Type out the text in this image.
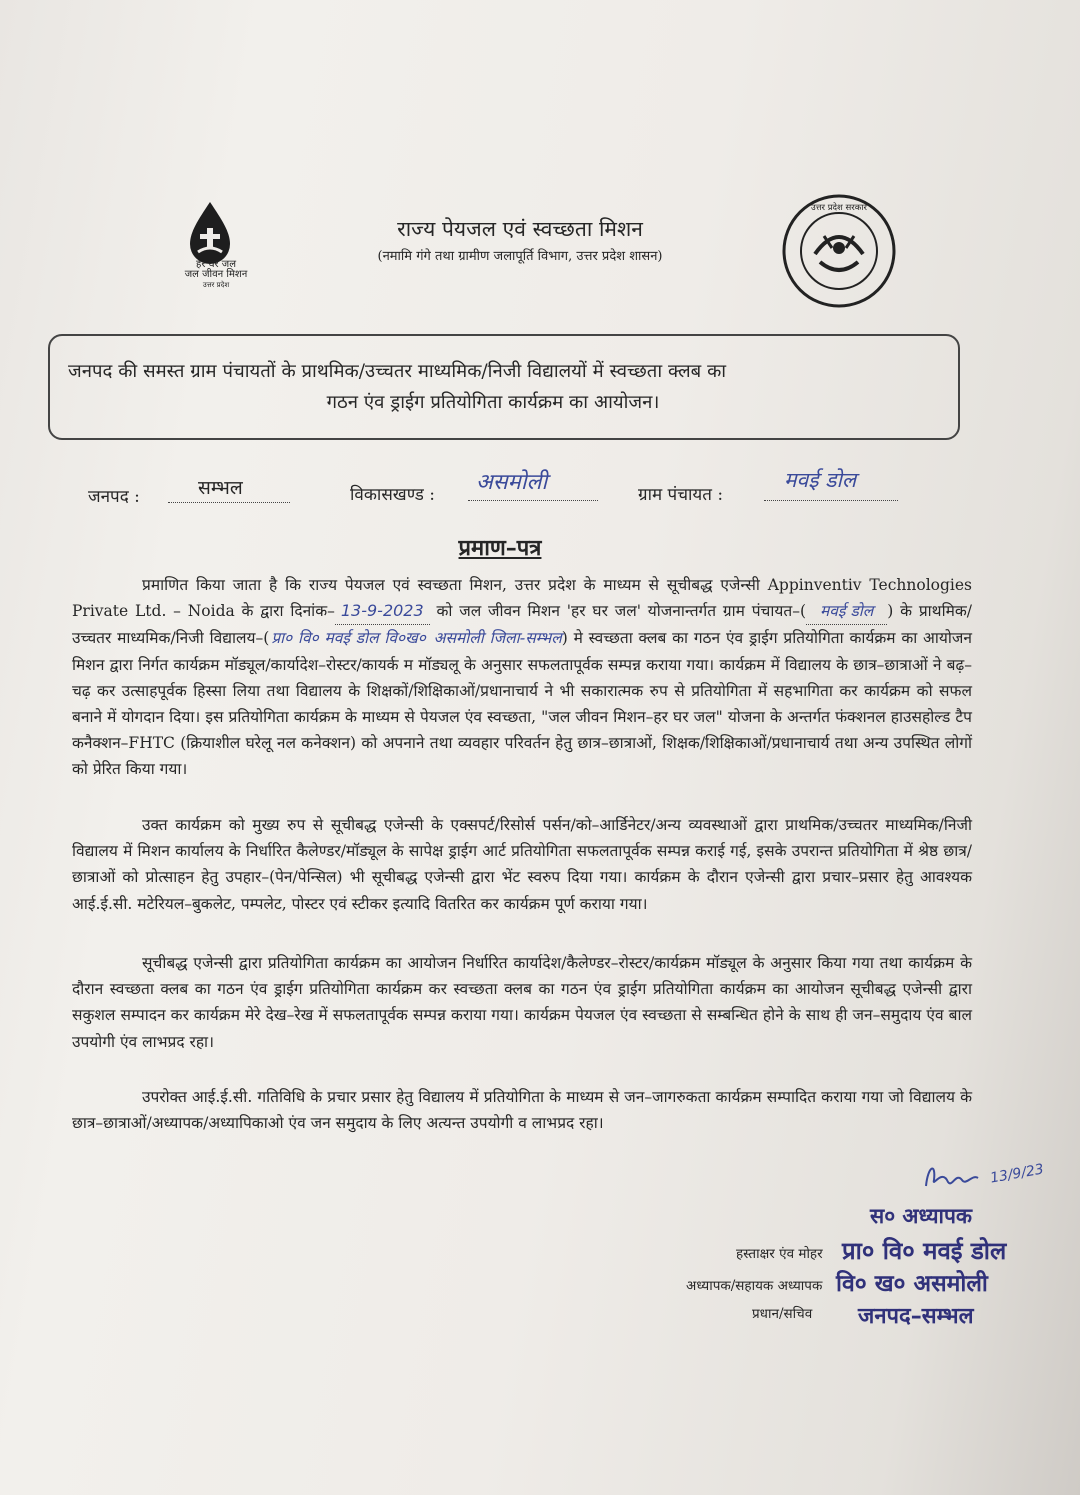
हर घर जल
जल जीवन मिशन
उत्तर प्रदेश
राज्य पेयजल एवं स्वच्छता मिशन
(नमामि गंगे तथा ग्रामीण जलापूर्ति विभाग, उत्तर प्रदेश शासन)
उत्तर प्रदेश सरकार
जनपद की समस्त ग्राम पंचायतों के प्राथमिक/उच्चतर माध्यमिक/निजी विद्यालयों में स्वच्छता क्लब का
गठन एंव ड्राईग प्रतियोगिता कार्यक्रम का आयोजन।
जनपद :	सम्भल	विकासखण्ड : असमोली	ग्राम पंचायत :
मवई डोल
प्रमाण–पत्र
प्रमाणित किया जाता है कि राज्य पेयजल एवं स्वच्छता मिशन, उत्तर प्रदेश के माध्यम से सूचीबद्ध एजेन्सी Appinventiv Technologies Private Ltd. – Noida के द्वारा दिनांक– 13-9-2023 को जल जीवन मिशन 'हर घर जल' योजनान्तर्गत ग्राम पंचायत–( मवई डोल ) के प्राथमिक/उच्चतर माध्यमिक/निजी विद्यालय–( प्रा० वि० मवई डोल वि०ख० असमोली जिला-सम्भल) मे स्वच्छता क्लब का गठन एंव ड्राईग प्रतियोगिता कार्यक्रम का आयोजन मिशन द्वारा निर्गत कार्यक्रम मॉड्यूल/कार्यादेश–रोस्टर/कायर्क म मॉड्यलू के अनुसार सफलतापूर्वक सम्पन्न कराया गया। कार्यक्रम में विद्यालय के छात्र–छात्राओं ने बढ़–चढ़ कर उत्साहपूर्वक हिस्सा लिया तथा विद्यालय के शिक्षकों/शिक्षिकाओं/प्रधानाचार्य ने भी सकारात्मक रुप से प्रतियोगिता में सहभागिता कर कार्यक्रम को सफल बनाने में योगदान दिया। इस प्रतियोगिता कार्यक्रम के माध्यम से पेयजल एंव स्वच्छता, "जल जीवन मिशन–हर घर जल" योजना के अन्तर्गत फंक्शनल हाउसहोल्ड टैप कनैक्शन–FHTC (क्रियाशील घरेलू नल कनेक्शन) को अपनाने तथा व्यवहार परिवर्तन हेतु छात्र–छात्राओं, शिक्षक/शिक्षिकाओं/प्रधानाचार्य तथा अन्य उपस्थित लोगों को प्रेरित किया गया।
उक्त कार्यक्रम को मुख्य रुप से सूचीबद्ध एजेन्सी के एक्सपर्ट/रिसोर्स पर्सन/को–आर्डिनेटर/अन्य व्यवस्थाओं द्वारा प्राथमिक/उच्चतर माध्यमिक/निजी विद्यालय में मिशन कार्यालय के निर्धारित कैलेण्डर/मॉड्यूल के सापेक्ष ड्राईग आर्ट प्रतियोगिता सफलतापूर्वक सम्पन्न कराई गई, इसके उपरान्त प्रतियोगिता में श्रेष्ठ छात्र/छात्राओं को प्रोत्साहन हेतु उपहार–(पेन/पेन्सिल) भी सूचीबद्ध एजेन्सी द्वारा भेंट स्वरुप दिया गया। कार्यक्रम के दौरान एजेन्सी द्वारा प्रचार–प्रसार हेतु आवश्यक आई.ई.सी. मटेरियल–बुकलेट, पम्पलेट, पोस्टर एवं स्टीकर इत्यादि वितरित कर कार्यक्रम पूर्ण कराया गया।
सूचीबद्ध एजेन्सी द्वारा प्रतियोगिता कार्यक्रम का आयोजन निर्धारित कार्यादेश/कैलेण्डर–रोस्टर/कार्यक्रम मॉड्यूल के अनुसार किया गया तथा कार्यक्रम के दौरान स्वच्छता क्लब का गठन एंव ड्राईग प्रतियोगिता कार्यक्रम कर स्वच्छता क्लब का गठन एंव ड्राईग प्रतियोगिता कार्यक्रम का आयोजन सूचीबद्ध एजेन्सी द्वारा सकुशल सम्पादन कर कार्यक्रम मेरे देख–रेख में सफलतापूर्वक सम्पन्न कराया गया। कार्यक्रम पेयजल एंव स्वच्छता से सम्बन्धित होने के साथ ही जन–समुदाय एंव बाल उपयोगी एंव लाभप्रद रहा।
उपरोक्त आई.ई.सी. गतिविधि के प्रचार प्रसार हेतु विद्यालय में प्रतियोगिता के माध्यम से जन–जागरुकता कार्यक्रम सम्पादित कराया गया जो विद्यालय के छात्र–छात्राओं/अध्यापक/अध्यापिकाओ एंव जन समुदाय के लिए अत्यन्त उपयोगी व लाभप्रद रहा।
13/9/23
स० अध्यापक
हस्ताक्षर एंव मोहर प्रा० वि० मवई डोल
अध्यापक/सहायक अध्यापक वि० ख० असमोली
प्रधान/सचिव जनपद–सम्भल
